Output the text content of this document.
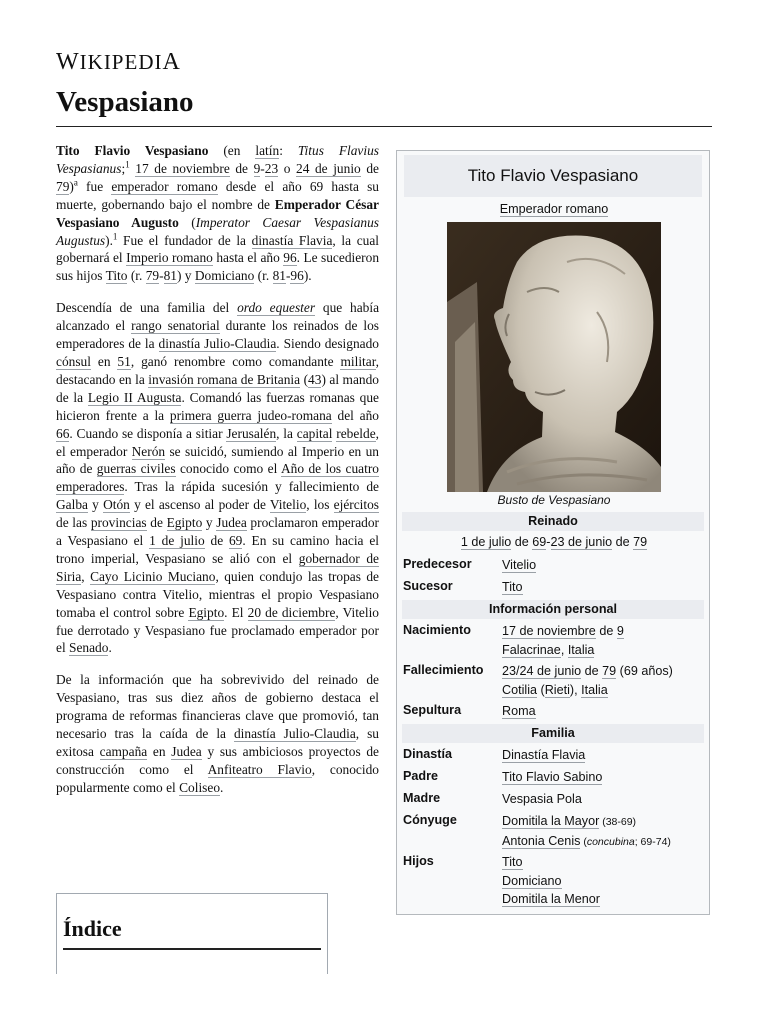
WIKIPEDIA
Vespasiano

Tito Flavio Vespasiano (en latín: Titus Flavius Vespasianus;$^1$ 17 de noviembre de 9-23 o 24 de junio de 79)$^a$ fue emperador romano desde el año 69 hasta su muerte, gobernando bajo el nombre de Emperador César Vespasiano Augusto (Imperator Caesar Vespasianus Augustus).$^1$ Fue el fundador de la dinastía Flavia, la cual gobernará el Imperio romano hasta el año 96. Le sucedieron sus hijos Tito (r. 79-81) y Domiciano (r. 81-96).

Descendía de una familia del ordo equester que había alcanzado el rango senatorial durante los reinados de los emperadores de la dinastía Julio-Claudia. Siendo designado cónsul en 51, ganó renombre como comandante militar, destacando en la invasión romana de Britania (43) al mando de la Legio II Augusta. Comandó las fuerzas romanas que hicieron frente a la primera guerra judeo-romana del año 66. Cuando se disponía a sitiar Jerusalén, la capital rebelde, el emperador Nerón se suicidó, sumiendo al Imperio en un año de guerras civiles conocido como el Año de los cuatro emperadores. Tras la rápida sucesión y fallecimiento de Galba y Otón y el ascenso al poder de Vitelio, los ejércitos de las provincias de Egipto y Judea proclamaron emperador a Vespasiano el 1 de julio de 69. En su camino hacia el trono imperial, Vespasiano se alió con el gobernador de Siria, Cayo Licinio Muciano, quien condujo las tropas de Vespasiano contra Vitelio, mientras el propio Vespasiano tomaba el control sobre Egipto. El 20 de diciembre, Vitelio fue derrotado y Vespasiano fue proclamado emperador por el Senado.

De la información que ha sobrevivido del reinado de Vespasiano, tras sus diez años de gobierno destaca el programa de reformas financieras clave que promovió, tan necesario tras la caída de la dinastía Julio-Claudia, su exitosa campaña en Judea y sus ambiciosos proyectos de construcción como el Anfiteatro Flavio, conocido popularmente como el Coliseo.

Índice
Tito Flavio Vespasiano
Emperador romano
Busto de Vespasiano
Reinado
1 de julio de 69-23 de junio de 79
Predecesor Vitelio
Sucesor	Tito
Información personal
Nacimiento 17 de noviembre de 9
Falacrinae, Italia
Fallecimiento 23/24 de junio de 79 (69 años)
Cotilia (Rieti), Italia
Sepultura	Roma
Familia
Dinastía	Dinastía Flavia
Padre	Tito Flavio Sabino
Madre	Vespasia Pola
Cónyuge	Domitila la Mayor (38-69)
Antonia Cenis (concubina; 69-74)
Hijos	Tito
Domiciano
Domitila la Menor
